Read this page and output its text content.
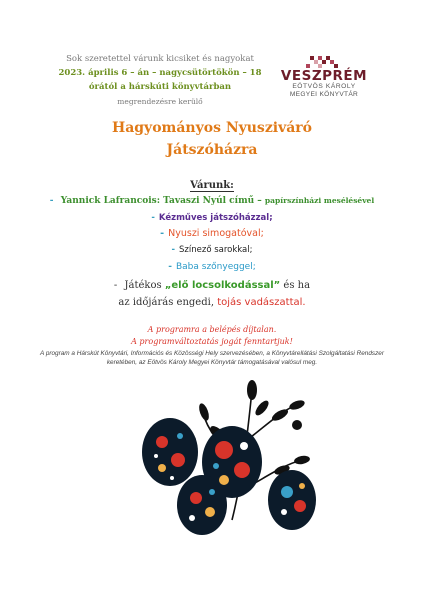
Sok szeretettel várunk kicsiket és nagyokat
2023. április 6 – án – nagycsütörtökön – 18
órától a hárskúti könyvtárban
megrendezésre kerülő
VESZPRÉM
EÖTVÖS KÁROLY
MEGYEI KÖNYVTÁR
Hagyományos Nyusziváró
Játszóházra
Várunk:
- Yannick Lafrancois: Tavaszi Nyúl című – papírszínházi mesélésével
- Kézműves játszóházzal;
- Nyuszi simogatóval;
- Színező sarokkal;
- Baba szőnyeggel;
- Játékos „elő locsolkodással” és ha
az időjárás engedi, tojás vadászattal.
A programra a belépés díjtalan.
A programváltoztatás jogát fenntartjuk!
A program a Hárskút Könyvtári, Információs és Közösségi Hely szervezésében, a Könyvtárellátási Szolgáltatási Rendszer keretében, az Eötvös Károly Megyei Könyvtár támogatásával valósul meg.
